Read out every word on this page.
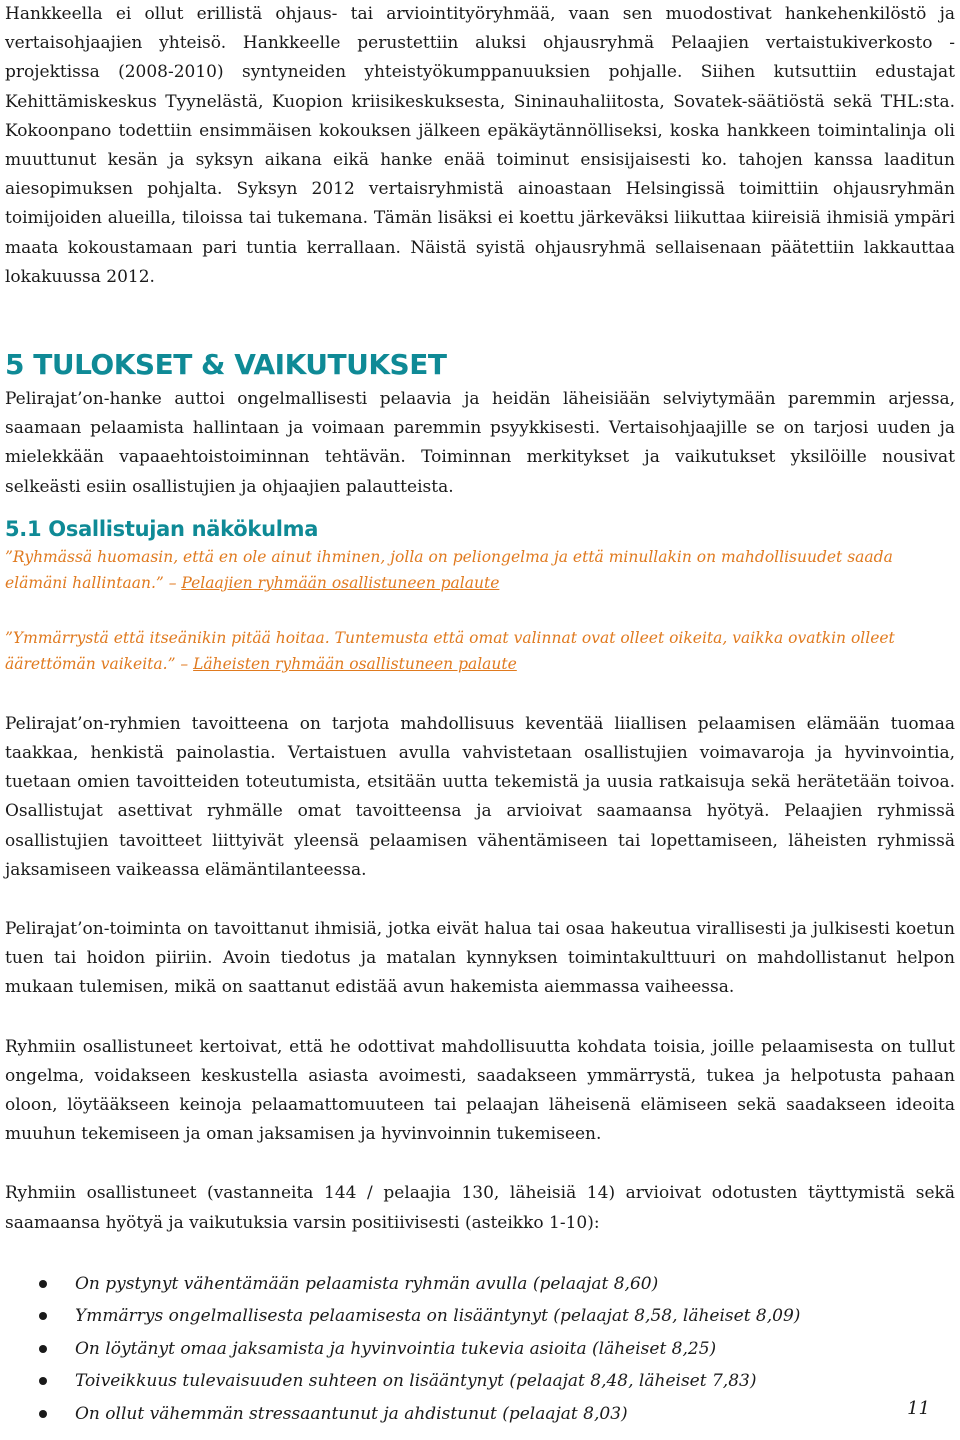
Hankkeella ei ollut erillistä ohjaus- tai arviointityöryhmää, vaan sen muodostivat hankehenkilöstö ja vertaisohjaajien yhteisö. Hankkeelle perustettiin aluksi ohjausryhmä Pelaajien vertaistukiverkosto -projektissa (2008-2010) syntyneiden yhteistyökumppanuuksien pohjalle. Siihen kutsuttiin edustajat Kehittämiskeskus Tyynelästä, Kuopion kriisikeskuksesta, Sininauhaliitosta, Sovatek-säätiöstä sekä THL:sta. Kokoonpano todettiin ensimmäisen kokouksen jälkeen epäkäytännölliseksi, koska hankkeen toimintalinja oli muuttunut kesän ja syksyn aikana eikä hanke enää toiminut ensisijaisesti ko. tahojen kanssa laaditun aiesopimuksen pohjalta. Syksyn 2012 vertaisryhmistä ainoastaan Helsingissä toimittiin ohjausryhmän toimijoiden alueilla, tiloissa tai tukemana. Tämän lisäksi ei koettu järkeväksi liikuttaa kiireisiä ihmisiä ympäri maata kokoustamaan pari tuntia kerrallaan. Näistä syistä ohjausryhmä sellaisenaan päätettiin lakkauttaa lokakuussa 2012.

5 TULOKSET & VAIKUTUKSET

Pelirajat’on-hanke auttoi ongelmallisesti pelaavia ja heidän läheisiään selviytymään paremmin arjessa, saamaan pelaamista hallintaan ja voimaan paremmin psyykkisesti. Vertaisohjaajille se on tarjosi uuden ja mielekkään vapaaehtoistoiminnan tehtävän. Toiminnan merkitykset ja vaikutukset yksilöille nousivat selkeästi esiin osallistujien ja ohjaajien palautteista.

5.1 Osallistujan näkökulma
”Ryhmässä huomasin, että en ole ainut ihminen, jolla on peliongelma ja että minullakin on mahdollisuudet saada elämäni hallintaan.” – Pelaajien ryhmään osallistuneen palaute
”Ymmärrystä että itseänikin pitää hoitaa. Tuntemusta että omat valinnat ovat olleet oikeita, vaikka ovatkin olleet äärettömän vaikeita.” – Läheisten ryhmään osallistuneen palaute

Pelirajat’on-ryhmien tavoitteena on tarjota mahdollisuus keventää liiallisen pelaamisen elämään tuomaa taakkaa, henkistä painolastia. Vertaistuen avulla vahvistetaan osallistujien voimavaroja ja hyvinvointia, tuetaan omien tavoitteiden toteutumista, etsitään uutta tekemistä ja uusia ratkaisuja sekä herätetään toivoa. Osallistujat asettivat ryhmälle omat tavoitteensa ja arvioivat saamaansa hyötyä. Pelaajien ryhmissä osallistujien tavoitteet liittyivät yleensä pelaamisen vähentämiseen tai lopettamiseen, läheisten ryhmissä jaksamiseen vaikeassa elämäntilanteessa.

Pelirajat’on-toiminta on tavoittanut ihmisiä, jotka eivät halua tai osaa hakeutua virallisesti ja julkisesti koetun tuen tai hoidon piiriin. Avoin tiedotus ja matalan kynnyksen toimintakulttuuri on mahdollistanut helpon mukaan tulemisen, mikä on saattanut edistää avun hakemista aiemmassa vaiheessa.

Ryhmiin osallistuneet kertoivat, että he odottivat mahdollisuutta kohdata toisia, joille pelaamisesta on tullut ongelma, voidakseen keskustella asiasta avoimesti, saadakseen ymmärrystä, tukea ja helpotusta pahaan oloon, löytääkseen keinoja pelaamattomuuteen tai pelaajan läheisenä elämiseen sekä saadakseen ideoita muuhun tekemiseen ja oman jaksamisen ja hyvinvoinnin tukemiseen.

Ryhmiin osallistuneet (vastanneita 144 / pelaajia 130, läheisiä 14) arvioivat odotusten täyttymistä sekä saamaansa hyötyä ja vaikutuksia varsin positiivisesti (asteikko 1-10):

On pystynyt vähentämään pelaamista ryhmän avulla (pelaajat 8,60)
Ymmärrys ongelmallisesta pelaamisesta on lisääntynyt (pelaajat 8,58, läheiset 8,09)
On löytänyt omaa jaksamista ja hyvinvointia tukevia asioita (läheiset 8,25)
Toiveikkuus tulevaisuuden suhteen on lisääntynyt (pelaajat 8,48, läheiset 7,83)
On ollut vähemmän stressaantunut ja ahdistunut (pelaajat 8,03)	11
